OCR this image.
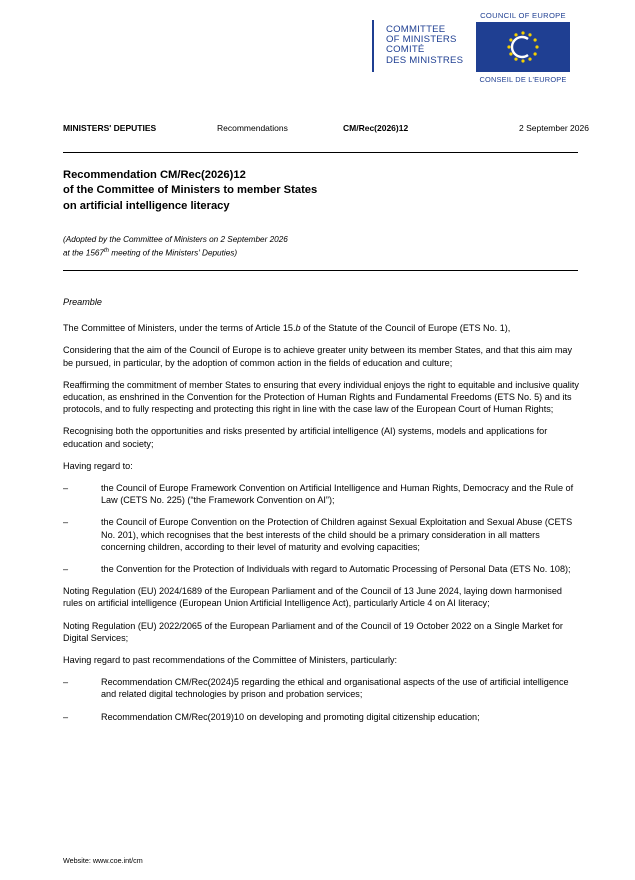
COMMITTEE
OF MINISTERS
COMITÉ
DES MINISTRES
COUNCIL OF EUROPE
CONSEIL DE L'EUROPE
MINISTERS' DEPUTIES	Recommendations	CM/Rec(2026)12	2 September 2026
Recommendation CM/Rec(2026)12
of the Committee of Ministers to member States
on artificial intelligence literacy
(Adopted by the Committee of Ministers on 2 September 2026
at the 1567th meeting of the Ministers' Deputies)

Preamble

The Committee of Ministers, under the terms of Article 15.b of the Statute of the Council of Europe (ETS No. 1),

Considering that the aim of the Council of Europe is to achieve greater unity between its member States, and that this aim may be pursued, in particular, by the adoption of common action in the fields of education and culture;

Reaffirming the commitment of member States to ensuring that every individual enjoys the right to equitable and inclusive quality education, as enshrined in the Convention for the Protection of Human Rights and Fundamental Freedoms (ETS No. 5) and its protocols, and to fully respecting and protecting this right in line with the case law of the European Court of Human Rights;

Recognising both the opportunities and risks presented by artificial intelligence (AI) systems, models and applications for education and society;

Having regard to:

–	the Council of Europe Framework Convention on Artificial Intelligence and Human Rights, Democracy and the Rule of Law (CETS No. 225) (“the Framework Convention on AI”);
–	the Council of Europe Convention on the Protection of Children against Sexual Exploitation and Sexual Abuse (CETS No. 201), which recognises that the best interests of the child should be a primary consideration in all matters concerning children, according to their level of maturity and evolving capacities;
–	the Convention for the Protection of Individuals with regard to Automatic Processing of Personal Data (ETS No. 108);

Noting Regulation (EU) 2024/1689 of the European Parliament and of the Council of 13 June 2024, laying down harmonised rules on artificial intelligence (European Union Artificial Intelligence Act), particularly Article 4 on AI literacy;

Noting Regulation (EU) 2022/2065 of the European Parliament and of the Council of 19 October 2022 on a Single Market for Digital Services;

Having regard to past recommendations of the Committee of Ministers, particularly:

–	Recommendation CM/Rec(2024)5 regarding the ethical and organisational aspects of the use of artificial intelligence and related digital technologies by prison and probation services;
–	Recommendation CM/Rec(2019)10 on developing and promoting digital citizenship education;
Website: www.coe.int/cm
